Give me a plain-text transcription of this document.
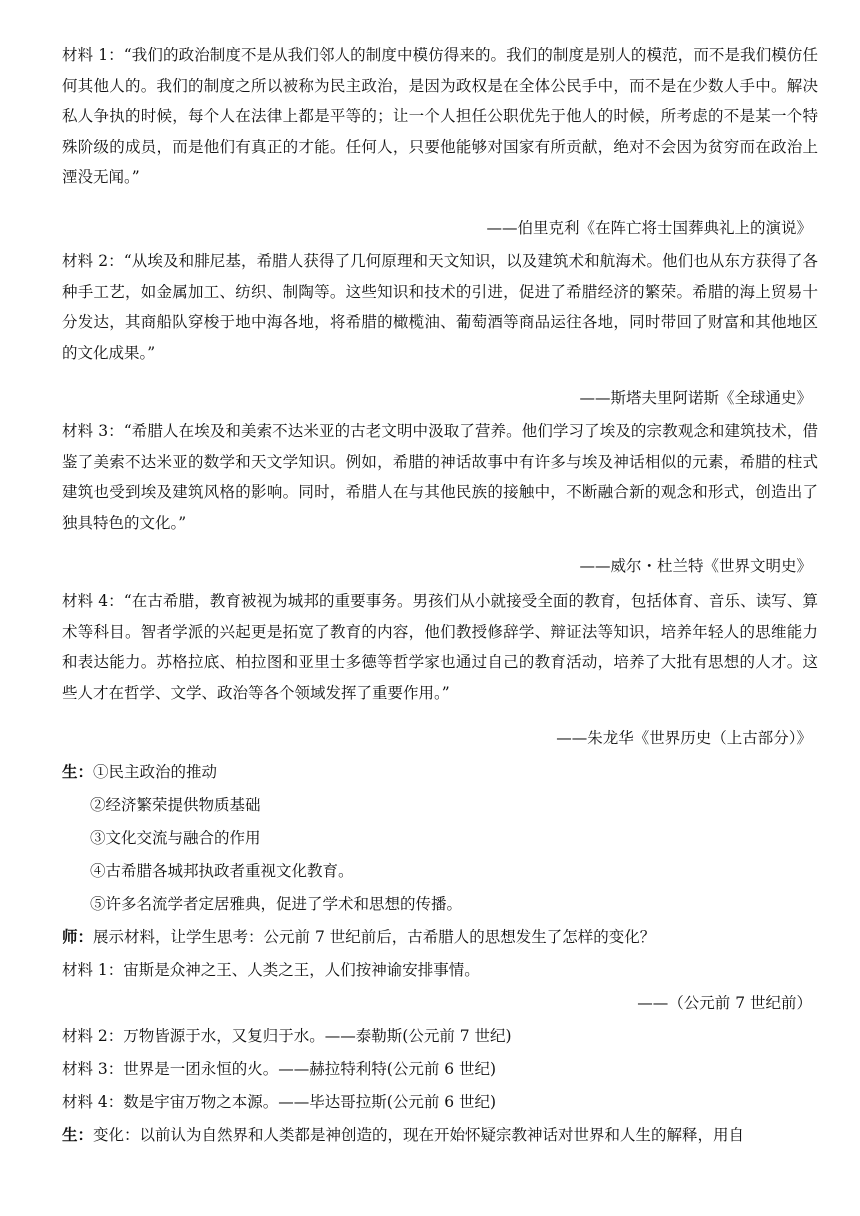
材料 1：“我们的政治制度不是从我们邻人的制度中模仿得来的。我们的制度是别人的模范，而不是我们模仿任何其他人的。我们的制度之所以被称为民主政治，是因为政权是在全体公民手中，而不是在少数人手中。解决私人争执的时候，每个人在法律上都是平等的；让一个人担任公职优先于他人的时候，所考虑的不是某一个特殊阶级的成员，而是他们有真正的才能。任何人，只要他能够对国家有所贡献，绝对不会因为贫穷而在政治上湮没无闻。”

——伯里克利《在阵亡将士国葬典礼上的演说》

材料 2：“从埃及和腓尼基，希腊人获得了几何原理和天文知识，以及建筑术和航海术。他们也从东方获得了各种手工艺，如金属加工、纺织、制陶等。这些知识和技术的引进，促进了希腊经济的繁荣。希腊的海上贸易十分发达，其商船队穿梭于地中海各地，将希腊的橄榄油、葡萄酒等商品运往各地，同时带回了财富和其他地区的文化成果。”

——斯塔夫里阿诺斯《全球通史》

材料 3：“希腊人在埃及和美索不达米亚的古老文明中汲取了营养。他们学习了埃及的宗教观念和建筑技术，借鉴了美索不达米亚的数学和天文学知识。例如，希腊的神话故事中有许多与埃及神话相似的元素，希腊的柱式建筑也受到埃及建筑风格的影响。同时，希腊人在与其他民族的接触中，不断融合新的观念和形式，创造出了独具特色的文化。”

——威尔・杜兰特《世界文明史》

材料 4：“在古希腊，教育被视为城邦的重要事务。男孩们从小就接受全面的教育，包括体育、音乐、读写、算术等科目。智者学派的兴起更是拓宽了教育的内容，他们教授修辞学、辩证法等知识，培养年轻人的思维能力和表达能力。苏格拉底、柏拉图和亚里士多德等哲学家也通过自己的教育活动，培养了大批有思想的人才。这些人才在哲学、文学、政治等各个领域发挥了重要作用。”

——朱龙华《世界历史（上古部分）》

生：①民主政治的推动

②经济繁荣提供物质基础

③文化交流与融合的作用

④古希腊各城邦执政者重视文化教育。

⑤许多名流学者定居雅典，促进了学术和思想的传播。

师：展示材料，让学生思考：公元前 7 世纪前后，古希腊人的思想发生了怎样的变化？

材料 1：宙斯是众神之王、人类之王，人们按神谕安排事情。

——（公元前 7 世纪前）

材料 2：万物皆源于水，又复归于水。——泰勒斯(公元前 7 世纪)

材料 3：世界是一团永恒的火。——赫拉特利特(公元前 6 世纪)

材料 4：数是宇宙万物之本源。——毕达哥拉斯(公元前 6 世纪)

生：变化：以前认为自然界和人类都是神创造的，现在开始怀疑宗教神话对世界和人生的解释，用自
